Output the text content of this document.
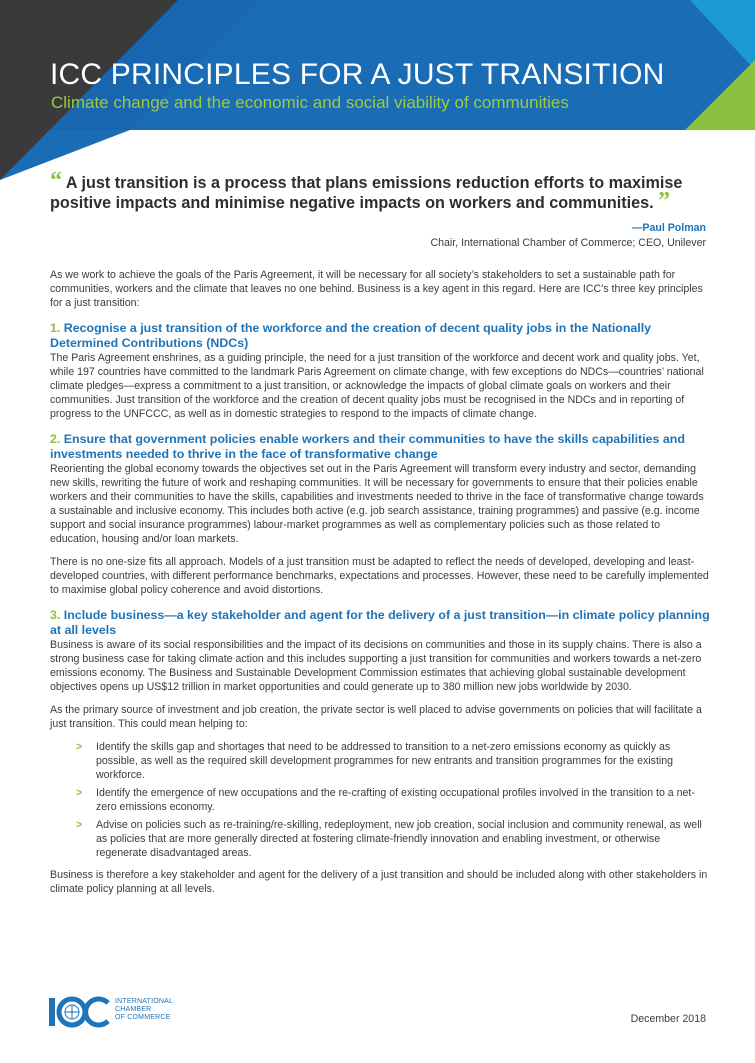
ICC PRINCIPLES FOR A JUST TRANSITION

Climate change and the economic and social viability of communities

“ A just transition is a process that plans emissions reduction efforts to maximise positive impacts and minimise negative impacts on workers and communities. ”
—Paul Polman
Chair, International Chamber of Commerce; CEO, Unilever

As we work to achieve the goals of the Paris Agreement, it will be necessary for all society’s stakeholders to set a sustainable path for communities, workers and the climate that leaves no one behind. Business is a key agent in this regard. Here are ICC’s three key principles for a just transition:

1. Recognise a just transition of the workforce and the creation of decent quality jobs in the Nationally Determined Contributions (NDCs)

The Paris Agreement enshrines, as a guiding principle, the need for a just transition of the workforce and decent work and quality jobs. Yet, while 197 countries have committed to the landmark Paris Agreement on climate change, with few exceptions do NDCs—countries’ national climate pledges—express a commitment to a just transition, or acknowledge the impacts of global climate goals on workers and their communities. Just transition of the workforce and the creation of decent quality jobs must be recognised in the NDCs and in reporting of progress to the UNFCCC, as well as in domestic strategies to respond to the impacts of climate change.

2. Ensure that government policies enable workers and their communities to have the skills capabilities and investments needed to thrive in the face of transformative change

Reorienting the global economy towards the objectives set out in the Paris Agreement will transform every industry and sector, demanding new skills, rewriting the future of work and reshaping communities. It will be necessary for governments to ensure that their policies enable workers and their communities to have the skills, capabilities and investments needed to thrive in the face of transformative change towards a sustainable and inclusive economy. This includes both active (e.g. job search assistance, training programmes) and passive (e.g. income support and social insurance programmes) labour-market programmes as well as complementary policies such as those related to education, housing and/or loan markets.

There is no one-size fits all approach. Models of a just transition must be adapted to reflect the needs of developed, developing and least-developed countries, with different performance benchmarks, expectations and processes. However, these need to be carefully implemented to maximise global policy coherence and avoid distortions.

3. Include business—a key stakeholder and agent for the delivery of a just transition—in climate policy planning at all levels

Business is aware of its social responsibilities and the impact of its decisions on communities and those in its supply chains. There is also a strong business case for taking climate action and this includes supporting a just transition for communities and workers towards a net-zero emissions economy. The Business and Sustainable Development Commission estimates that achieving global sustainable development objectives opens up US$12 trillion in market opportunities and could generate up to 380 million new jobs worldwide by 2030.

As the primary source of investment and job creation, the private sector is well placed to advise governments on policies that will facilitate a just transition. This could mean helping to:

> Identify the skills gap and shortages that need to be addressed to transition to a net-zero emissions economy as quickly as possible, as well as the required skill development programmes for new entrants and transition programmes for the existing workforce.
> Identify the emergence of new occupations and the re-crafting of existing occupational profiles involved in the transition to a net-zero emissions economy.
> Advise on policies such as re-training/re-skilling, redeployment, new job creation, social inclusion and community renewal, as well as policies that are more generally directed at fostering climate-friendly innovation and enabling investment, or otherwise regenerate disadvantaged areas.

Business is therefore a key stakeholder and agent for the delivery of a just transition and should be included along with other stakeholders in climate policy planning at all levels.

ICC
INTERNATIONAL
CHAMBER
OF COMMERCE	December 2018
